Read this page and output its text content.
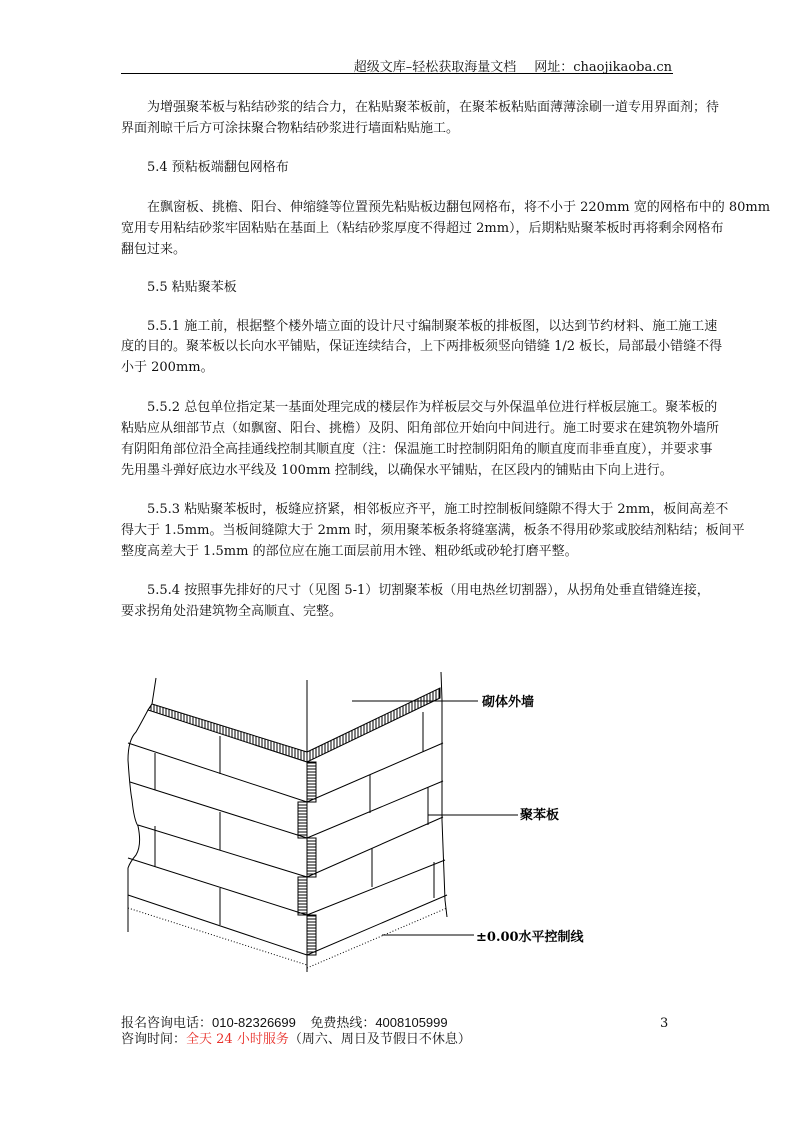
超级文库–轻松获取海量文档 网址：chaojikaoba.cn
为增强聚苯板与粘结砂浆的结合力，在粘贴聚苯板前，在聚苯板粘贴面薄薄涂刷一道专用界面剂；待
界面剂晾干后方可涂抹聚合物粘结砂浆进行墙面粘贴施工。
5.4 预粘板端翻包网格布
在飘窗板、挑檐、阳台、伸缩缝等位置预先粘贴板边翻包网格布，将不小于 220mm 宽的网格布中的 80mm
宽用专用粘结砂浆牢固粘贴在基面上（粘结砂浆厚度不得超过 2mm），后期粘贴聚苯板时再将剩余网格布
翻包过来。
5.5 粘贴聚苯板
5.5.1 施工前，根据整个楼外墙立面的设计尺寸编制聚苯板的排板图，以达到节约材料、施工施工速
度的目的。聚苯板以长向水平铺贴，保证连续结合，上下两排板须竖向错缝 1/2 板长，局部最小错缝不得
小于 200mm。
5.5.2 总包单位指定某一基面处理完成的楼层作为样板层交与外保温单位进行样板层施工。聚苯板的
粘贴应从细部节点（如飘窗、阳台、挑檐）及阴、阳角部位开始向中间进行。施工时要求在建筑物外墙所
有阴阳角部位沿全高挂通线控制其顺直度（注：保温施工时控制阴阳角的顺直度而非垂直度），并要求事
先用墨斗弹好底边水平线及 100mm 控制线，以确保水平铺贴，在区段内的铺贴由下向上进行。
5.5.3 粘贴聚苯板时，板缝应挤紧，相邻板应齐平，施工时控制板间缝隙不得大于 2mm，板间高差不
得大于 1.5mm。当板间缝隙大于 2mm 时，须用聚苯板条将缝塞满，板条不得用砂浆或胶结剂粘结；板间平
整度高差大于 1.5mm 的部位应在施工面层前用木锉、粗砂纸或砂轮打磨平整。
5.5.4 按照事先排好的尺寸（见图 5-1）切割聚苯板（用电热丝切割器），从拐角处垂直错缝连接，
要求拐角处沿建筑物全高顺直、完整。
砌体外墙
聚苯板
±0.00水平控制线
报名咨询电话：010-82326699 免费热线：4008105999
咨询时间：全天 24 小时服务（周六、周日及节假日不休息）
3
